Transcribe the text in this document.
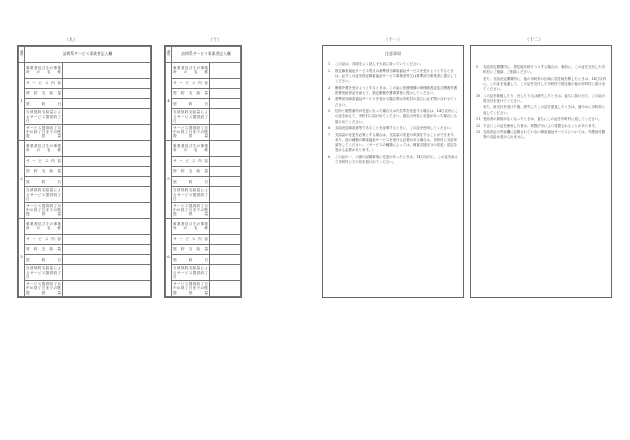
（九）	（十）	（十一）	（十二）
番号	訪問系サービス事業者記入欄	
1	事業者及びその事業所の名称	
	サービス内容	
	契約支給量	
	契約日	
	当該契約支給量によるサービス提供終了日	
	サービス提供終了月中の終了日までの既提供量	
2	事業者及びその事業所の名称	
	サービス内容	
	契約支給量	
	契約日	
	当該契約支給量によるサービス提供終了日	
	サービス提供終了月中の終了日までの既提供量	
3	事業者及びその事業所の名称	
	サービス内容	
	契約支給量	
	契約日	
	当該契約支給量によるサービス提供終了日	
	サービス提供終了月中の終了日までの既提供量	
番号	訪問系サービス事業者記入欄	
4	事業者及びその事業所の名称	
	サービス内容	
	契約支給量	
	契約日	
	当該契約支給量によるサービス提供終了日	
	サービス提供終了月中の終了日までの既提供量	
5	事業者及びその事業所の名称	
	サービス内容	
	契約支給量	
	契約日	
	当該契約支給量によるサービス提供終了日	
	サービス提供終了月中の終了日までの既提供量	
6	事業者及びその事業所の名称	
	サービス内容	
	契約支給量	
	契約日	
	当該契約支給量によるサービス提供終了日	
	サービス提供終了月中の終了日までの既提供量	
注意事項
1	この証は、各面をよく読んで大切に持っていてください。
2	指定障害福祉サービス等又は基準該当障害福祉サービスを受けようとするときは、必ずこの証を指定障害福祉サービス事業者等又は基準該当事業者に提示してください。
3	療養介護を受けようとするときは、この証に医療保険の被保険者証及び療養介護医療受給者証を添えて、指定療養介護事業者に提示してください。
4	基準該当障害福祉サービスを受ける場合等は市町村の窓口に必ず問い合わせてください。
5	住所と類型番号が変更になった場合又は氏名等を変更する場合は、14日以内にこの証を添えて、市町村に届け出てください。届出の内容に変更があった場合にも届け出てください。
6	支給決定障害者等であることを証明するときに、この証を使用してください。
7	支給量の変更を必要とする場合は、支給量の変更の申請をすることができます。また、他の種類の障害福祉サービスを受ける必要がある場合は、市町村に支給申請をしてください。（サービスの種類によっては、障害支援区分の変更）認定を受ける必要があります。）
8	この証の一、六面の記載事項に変更があったときは、14日以内に、この証を添えて市町村にその旨を届け出てください。
9	支給決定期間内に、居住地を移そうとする場合は、事前に、この証を交付した市町村にご連絡、ご相談ください。
また、支給決定期間内に、他の市町村の区域に居住地を移したときは、14日以内に、この証を返還して、この証を交付した市町村で居住地の他の市町村に届け出てください。
10 この証を破損したり、汚したり又は紛失したときは、直ちに届け出て、この証の再交付を受けてください。
また、再交付を受けた後、紛失したこの証を発見したときは、速やかに市町村に返してください。
11 受給者の資格がなくなったときは、直ちにこの証を市町村に返してください。
12 不正にこの証を使用した者は、刑罰法令により処罰されることがあります。
13 支給決定の内容欄に記載されていない障害福祉サービスについては、介護給付費等の支給は受けられません。
